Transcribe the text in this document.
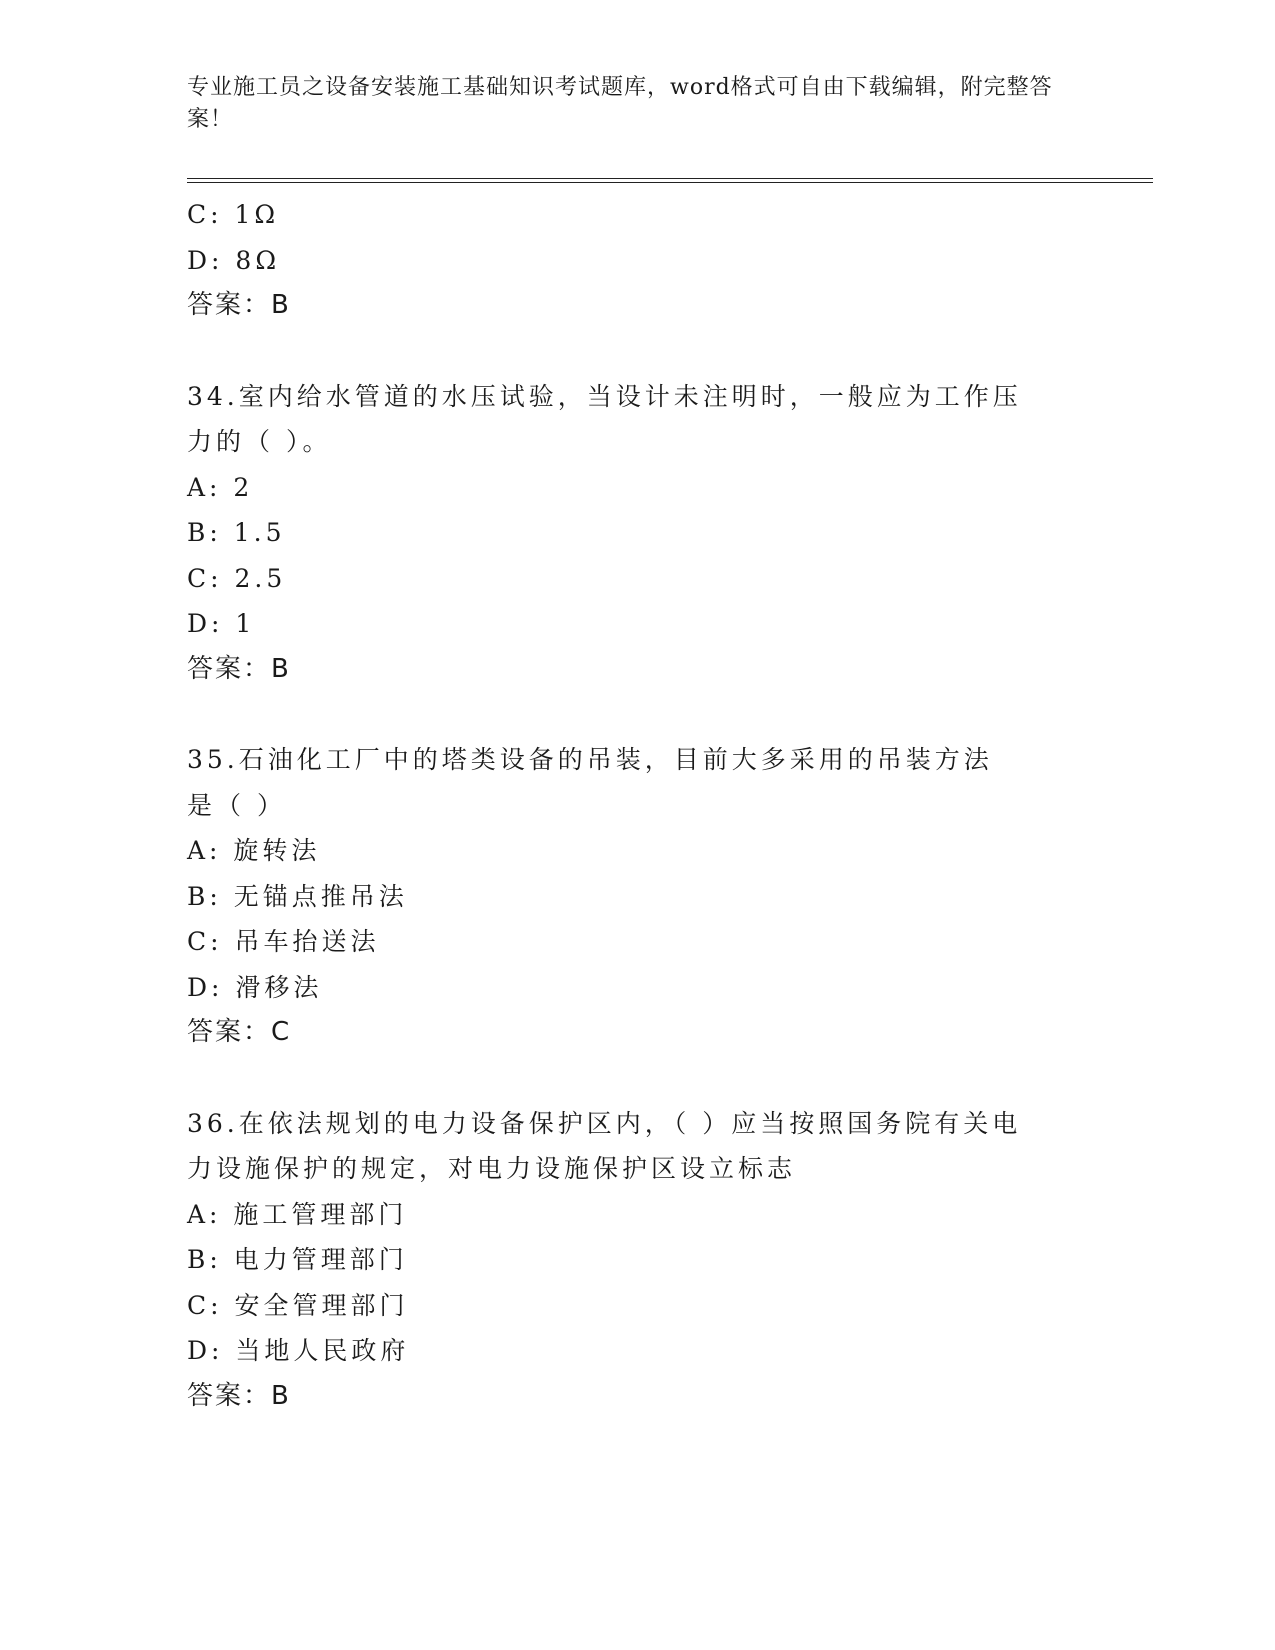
专业施工员之设备安装施工基础知识考试题库，word格式可自由下载编辑，附完整答案！
C: 1Ω
D: 8Ω
答案：B
34.室内给水管道的水压试验，当设计未注明时，一般应为工作压力的（ ）。
A: 2
B: 1.5
C: 2.5
D: 1
答案：B
35.石油化工厂中的塔类设备的吊装，目前大多采用的吊装方法是（ ）
A: 旋转法
B: 无锚点推吊法
C: 吊车抬送法
D: 滑移法
答案：C
36.在依法规划的电力设备保护区内，（ ）应当按照国务院有关电力设施保护的规定，对电力设施保护区设立标志
A: 施工管理部门
B: 电力管理部门
C: 安全管理部门
D: 当地人民政府
答案：B
